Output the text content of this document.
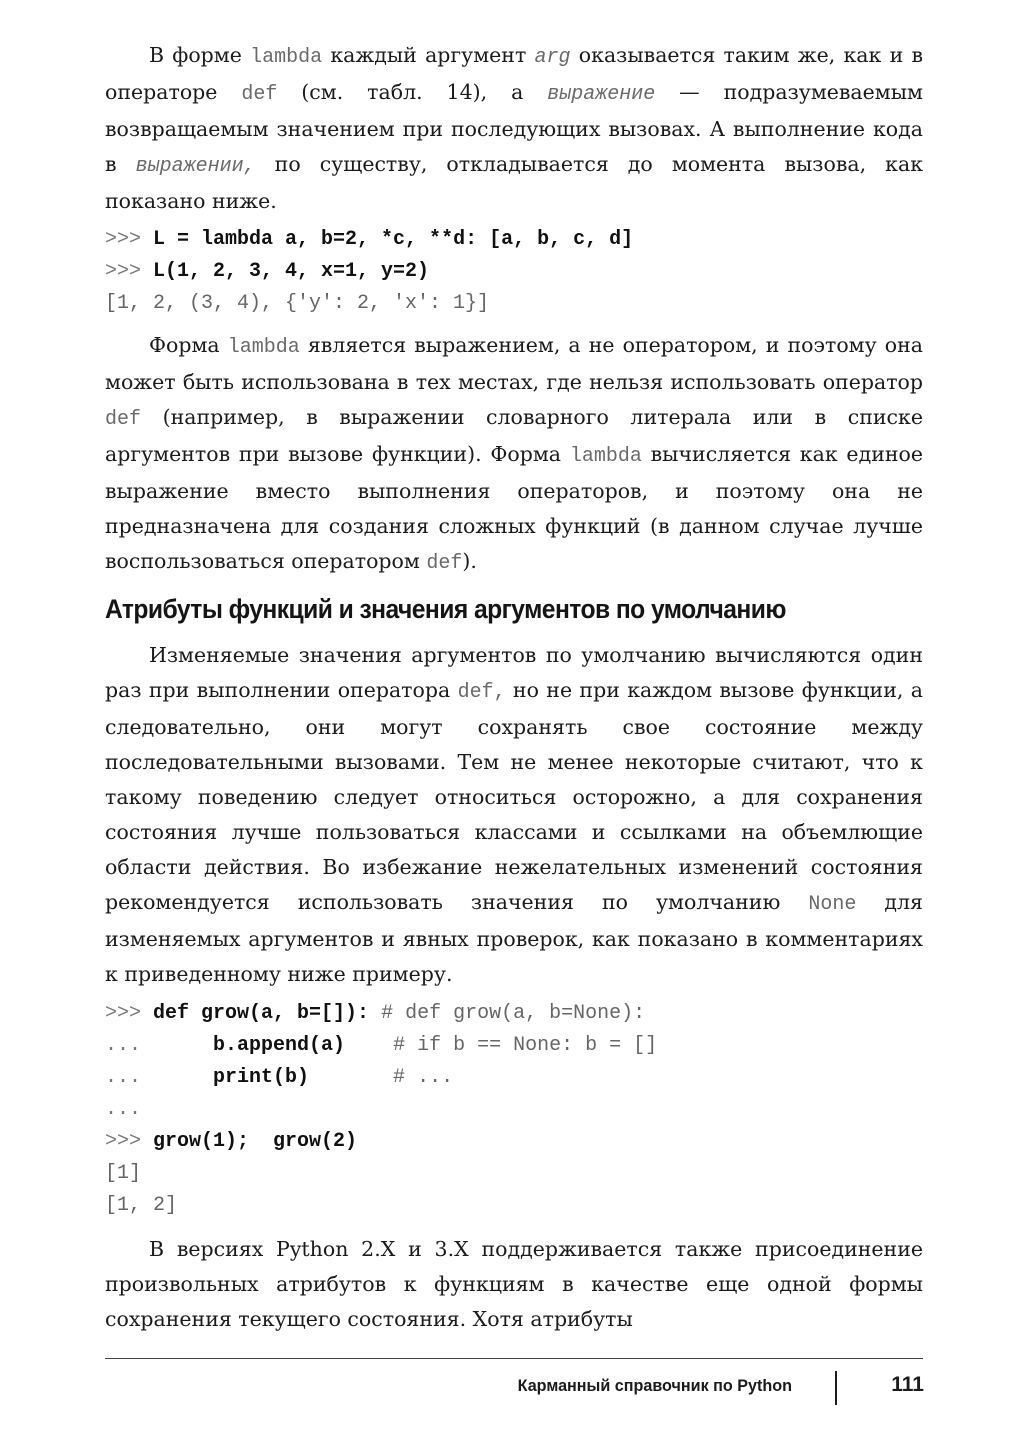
В форме lambda каждый аргумент arg оказывается таким же, как и в операторе def (см. табл. 14), а выражение — подразумеваемым возвращаемым значением при последующих вызовах. А выполнение кода в выражении, по существу, откладывается до момента вызова, как показано ниже.

>>> L = lambda a, b=2, *c, **d: [a, b, c, d]
>>> L(1, 2, 3, 4, x=1, y=2)
[1, 2, (3, 4), {'y': 2, 'x': 1}]

Форма lambda является выражением, а не оператором, и поэтому она может быть использована в тех местах, где нельзя использовать оператор def (например, в выражении словарного литерала или в списке аргументов при вызове функции). Форма lambda вычисляется как единое выражение вместо выполнения операторов, и поэтому она не предназначена для создания сложных функций (в данном случае лучше воспользоваться оператором def).

Атрибуты функций и значения аргументов по умолчанию

Изменяемые значения аргументов по умолчанию вычисляются один раз при выполнении оператора def, но не при каждом вызове функции, а следовательно, они могут сохранять свое состояние между последовательными вызовами. Тем не менее некоторые считают, что к такому поведению следует относиться осторожно, а для сохранения состояния лучше пользоваться классами и ссылками на объемлющие области действия. Во избежание нежелательных изменений состояния рекомендуется использовать значения по умолчанию None для изменяемых аргументов и явных проверок, как показано в комментариях к приведенному ниже примеру.

>>> def grow(a, b=[]): # def grow(a, b=None):
...      b.append(a)    # if b == None: b = []
...      print(b)       # ...
...
>>> grow(1);  grow(2)
[1]
[1, 2]

В версиях Python 2.X и 3.X поддерживается также присоединение произвольных атрибутов к функциям в качестве еще одной формы сохранения текущего состояния. Хотя атрибуты

Карманный справочник по Python	111
